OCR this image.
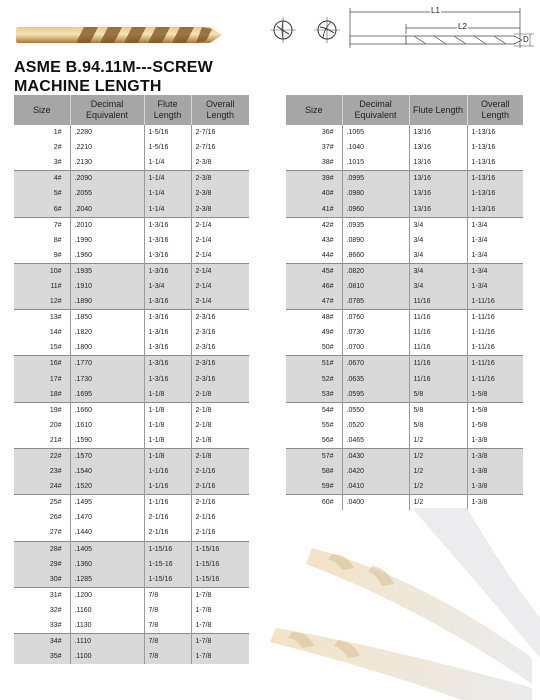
L1
L2
D
ASME B.94.11M---SCREW
MACHINE LENGTH
Size	Decimal Equivalent	Flute Length	Overall Length
1#	.2280	1-5/16	2-7/16
2#	.2210	1-5/16	2-7/16
3#	.2130	1-1/4	2-3/8
4#	.2090	1-1/4	2-3/8
5#	.2055	1-1/4	2-3/8
6#	.2040	1-1/4	2-3/8
7#	.2010	1-3/16	2-1/4
8#	.1990	1-3/16	2-1/4
9#	.1960	1-3/16	2-1/4
10#	.1935	1-3/16	2-1/4
11#	.1910	1-3/4	2-1/4
12#	.1890	1-3/16	2-1/4
13#	.1850	1-3/16	2-3/16
14#	.1820	1-3/16	2-3/16
15#	.1800	1-3/16	2-3/16
16#	.1770	1-3/16	2-3/16
17#	.1730	1-3/16	2-3/16
18#	.1695	1-1/8	2-1/8
19#	.1660	1-1/8	2-1/8
20#	.1610	1-1/8	2-1/8
21#	.1590	1-1/8	2-1/8
22#	.1570	1-1/8	2-1/8
23#	.1540	1-1/16	2-1/16
24#	.1520	1-1/16	2-1/16
25#	.1495	1-1/16	2-1/16
26#	.1470	2-1/16	2-1/16
27#	.1440	2-1/16	2-1/16
28#	.1405	1-15/16	1-15/16
29#	.1360	1-15-16	1-15/16
30#	.1285	1-15/16	1-15/16
31#	.1200	7/8	1-7/8
32#	.1160	7/8	1-7/8
33#	.1130	7/8	1-7/8
34#	.1110	7/8	1-7/8
35#	.1100	7/8	1-7/8
Size	Decimal Equivalent	Flute Length	Overall Length
36#	.1065	13/16	1-13/16
37#	.1040	13/16	1-13/16
38#	.1015	13/16	1-13/16
39#	.0995	13/16	1-13/16
40#	.0980	13/16	1-13/16
41#	.0960	13/16	1-13/16
42#	.0935	3/4	1-3/4
43#	.0890	3/4	1-3/4
44#	.8660	3/4	1-3/4
45#	.0820	3/4	1-3/4
46#	.0810	3/4	1-3/4
47#	.0785	11/16	1-11/16
48#	.0760	11/16	1-11/16
49#	.0730	11/16	1-11/16
50#	.0700	11/16	1-11/16
51#	.0670	11/16	1-11/16
52#	.0635	11/16	1-11/16
53#	.0595	5/8	1-5/8
54#	.0550	5/8	1-5/8
55#	.0520	5/8	1-5/8
56#	.0465	1/2	1-3/8
57#	.0430	1/2	1-3/8
58#	.0420	1/2	1-3/8
59#	.0410	1/2	1-3/8
60#	.0400	1/2	1-3/8
